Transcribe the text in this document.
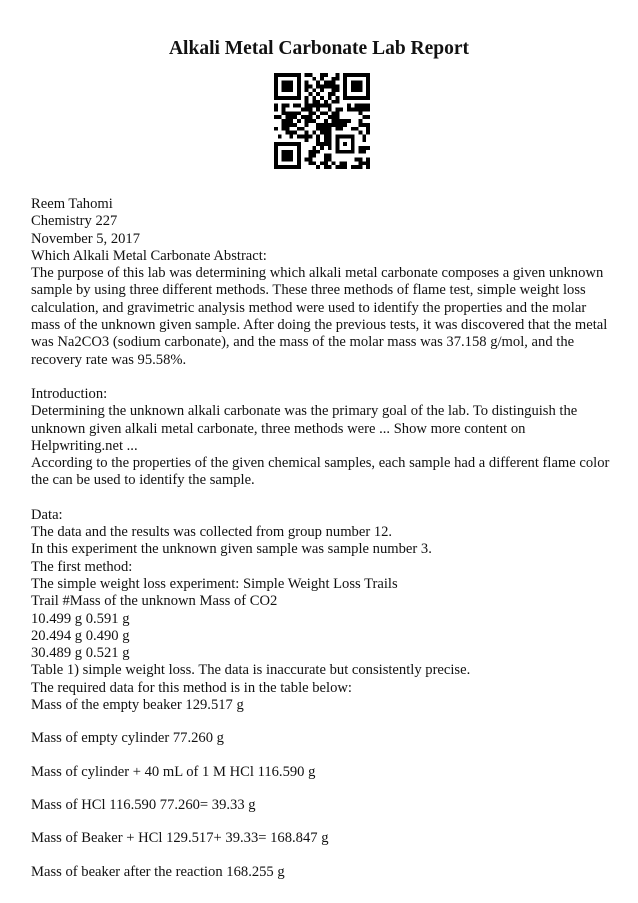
Alkali Metal Carbonate Lab Report

Reem Tahomi

Chemistry 227

November 5, 2017

Which Alkali Metal Carbonate Abstract:

The purpose of this lab was determining which alkali metal carbonate composes a given unknown sample by using three different methods. These three methods of flame test, simple weight loss calculation, and gravimetric analysis method were used to identify the properties and the molar mass of the unknown given sample. After doing the previous tests, it was discovered that the metal was Na2CO3 (sodium carbonate), and the mass of the molar mass was 37.158 g/mol, and the recovery rate was 95.58%.

Introduction:

Determining the unknown alkali carbonate was the primary goal of the lab. To distinguish the unknown given alkali metal carbonate, three methods were ... Show more content on Helpwriting.net ...

According to the properties of the given chemical samples, each sample had a different flame color the can be used to identify the sample.

Data:

The data and the results was collected from group number 12.

In this experiment the unknown given sample was sample number 3.

The first method:

The simple weight loss experiment: Simple Weight Loss Trails

Trail #Mass of the unknown Mass of CO2

10.499 g 0.591 g

20.494 g 0.490 g

30.489 g 0.521 g

Table 1) simple weight loss. The data is inaccurate but consistently precise.

The required data for this method is in the table below:

Mass of the empty beaker 129.517 g

Mass of empty cylinder 77.260 g

Mass of cylinder + 40 mL of 1 M HCl 116.590 g

Mass of HCl 116.590 77.260= 39.33 g

Mass of Beaker + HCl 129.517+ 39.33= 168.847 g

Mass of beaker after the reaction 168.255 g
